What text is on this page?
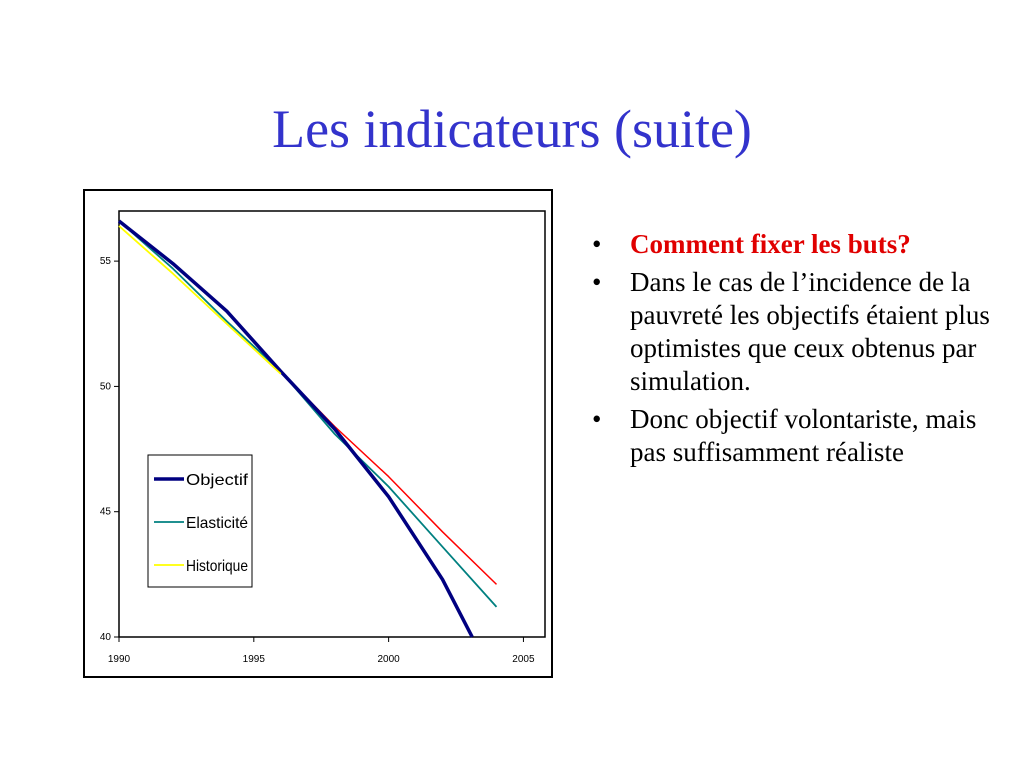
Les indicateurs (suite)
40
45
50
55
1990	1995	2000	2005
Objectif
Elasticité
Historique
• Comment fixer les buts?
• Dans le cas de l’incidence de la pauvreté les objectifs étaient plus optimistes que ceux obtenus par simulation.
• Donc objectif volontariste, mais pas suffisamment réaliste
